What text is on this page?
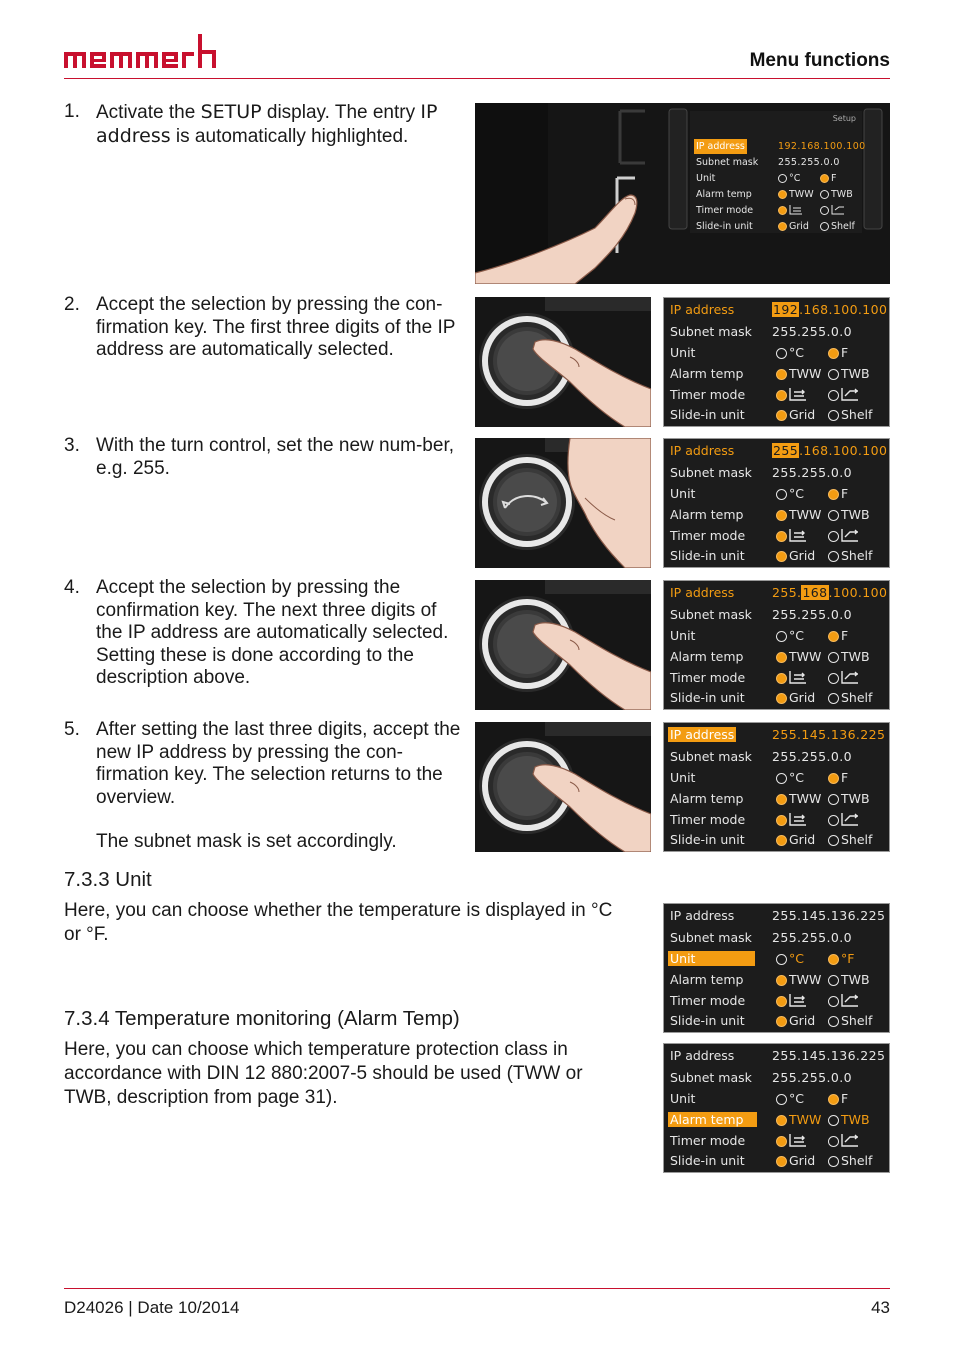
Menu functions
1. Activate the SETUP display. The entry IP address is automatically highlighted.
Setup
IP address	192.168.100.100
Subnet mask 255.255.0.0
Unit	°C	F
Alarm temp	TWW	TWB
Timer mode
Slide-in unit	Grid	Shelf
2. Accept the selection by pressing the con-firmation key. The first three digits of the IP address are automatically selected.
3. With the turn control, set the new num-ber, e.g. 255.
4. Accept the selection by pressing the confirmation key. The next three digits of the IP address are automatically selected. Setting these is done according to the description above.
5. After setting the last three digits, accept the new IP address by pressing the con-firmation key. The selection returns to the overview.
The subnet mask is set accordingly.
IP address	192.168.100.100
Subnet mask 255.255.0.0
Unit	°C	F
Alarm temp	TWW	TWB
Timer mode
Slide-in unit	Grid	Shelf
IP address	255.168.100.100
Subnet mask 255.255.0.0
Unit	°C	F
Alarm temp	TWW	TWB
Timer mode
Slide-in unit	Grid	Shelf
IP address	255.168.100.100
Subnet mask 255.255.0.0
Unit	°C	F
Alarm temp	TWW	TWB
Timer mode
Slide-in unit	Grid	Shelf
IP address	255.145.136.225
Subnet mask 255.255.0.0
Unit	°C	F
Alarm temp	TWW	TWB
Timer mode
Slide-in unit	Grid	Shelf
IP address	255.145.136.225
Subnet mask 255.255.0.0
Unit	°C	°F
Alarm temp	TWW	TWB
Timer mode
Slide-in unit	Grid	Shelf
IP address	255.145.136.225
Subnet mask 255.255.0.0
Unit	°C	F
Alarm temp	TWW	TWB
Timer mode
Slide-in unit	Grid	Shelf
7.3.3 Unit
Here, you can choose whether the temperature is displayed in °C or °F.
7.3.4 Temperature monitoring (Alarm Temp)
Here, you can choose which temperature protection class in accordance with DIN 12 880:2007-5 should be used (TWW or TWB, description from page 31).
D24026 | Date 10/2014	43
